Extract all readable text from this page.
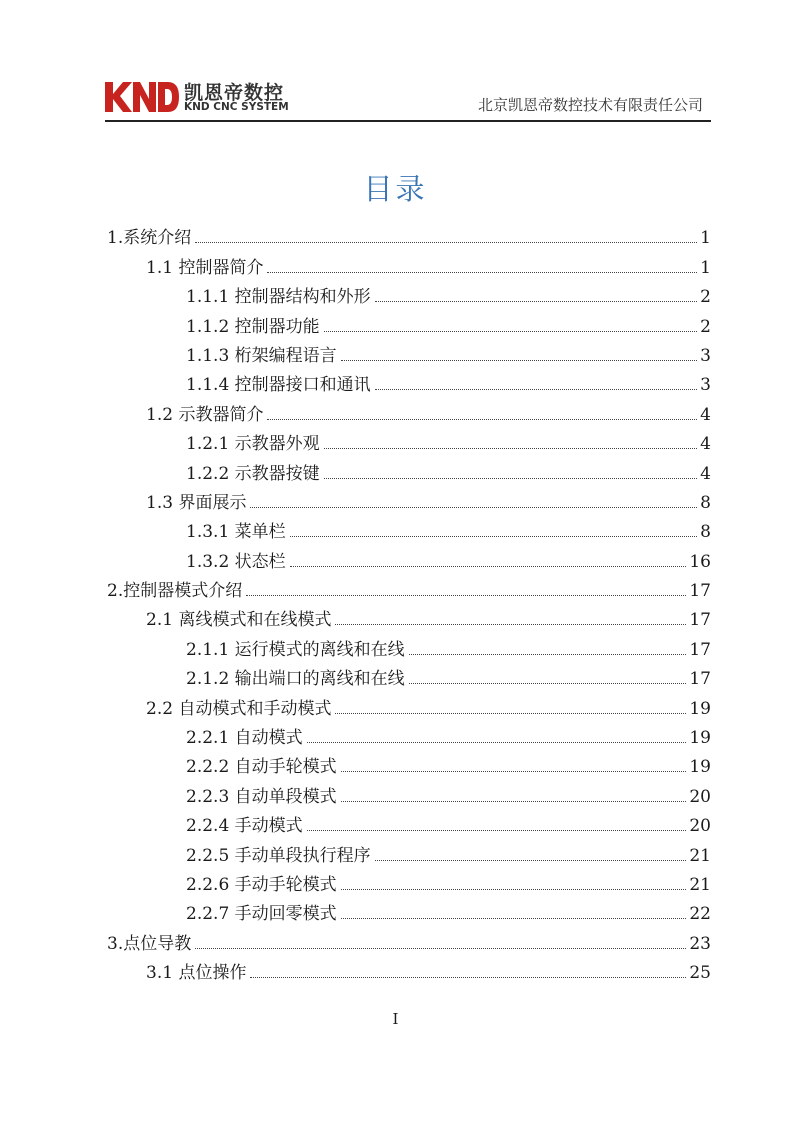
凯恩帝数控
KND CNC SYSTEM	北京凯恩帝数控技术有限责任公司
目录
1.系统介绍	1
1.1 控制器简介	1
1.1.1 控制器结构和外形	2
1.1.2 控制器功能	2
1.1.3 桁架编程语言	3
1.1.4 控制器接口和通讯	3
1.2 示教器简介	4
1.2.1 示教器外观	4
1.2.2 示教器按键	4
1.3 界面展示	8
1.3.1 菜单栏	8
1.3.2 状态栏	16
2.控制器模式介绍	17
2.1 离线模式和在线模式	17
2.1.1 运行模式的离线和在线	17
2.1.2 输出端口的离线和在线	17
2.2 自动模式和手动模式	19
2.2.1 自动模式	19
2.2.2 自动手轮模式	19
2.2.3 自动单段模式	20
2.2.4 手动模式	20
2.2.5 手动单段执行程序	21
2.2.6 手动手轮模式	21
2.2.7 手动回零模式	22
3.点位导教	23
3.1 点位操作	25
I
